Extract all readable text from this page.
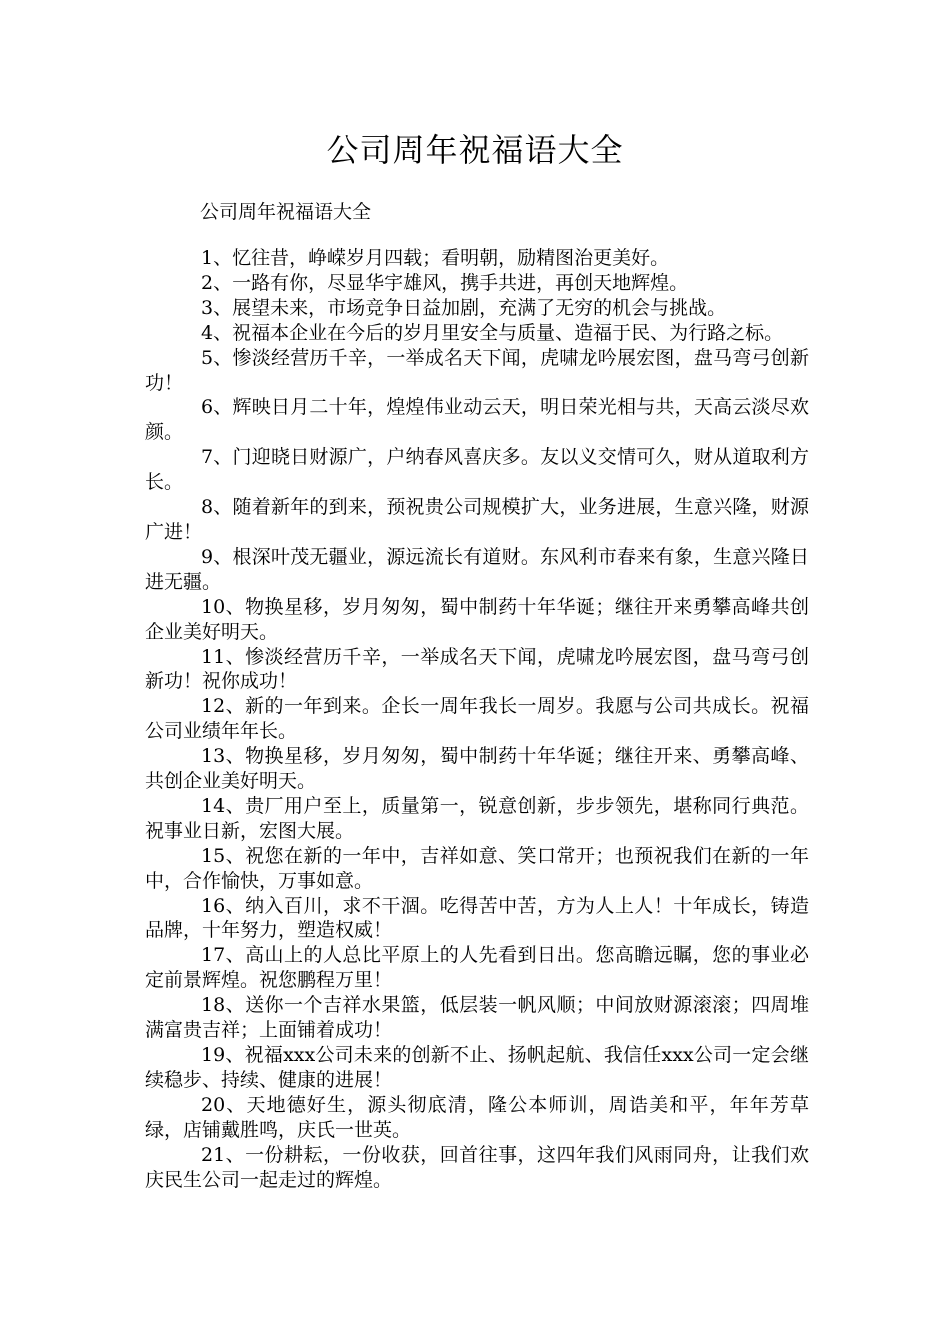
公司周年祝福语大全
公司周年祝福语大全

1、忆往昔，峥嵘岁月四载；看明朝，励精图治更美好。

2、一路有你，尽显华宇雄风，携手共进，再创天地辉煌。

3、展望未来，市场竞争日益加剧，充满了无穷的机会与挑战。

4、祝福本企业在今后的岁月里安全与质量、造福于民、为行路之标。

5、惨淡经营历千辛，一举成名天下闻，虎啸龙吟展宏图，盘马弯弓创新功！

6、辉映日月二十年，煌煌伟业动云天，明日荣光相与共，天高云淡尽欢颜。

7、门迎晓日财源广，户纳春风喜庆多。友以义交情可久，财从道取利方长。

8、随着新年的到来，预祝贵公司规模扩大，业务进展，生意兴隆，财源广进！

9、根深叶茂无疆业，源远流长有道财。东风利市春来有象，生意兴隆日进无疆。

10、物换星移，岁月匆匆，蜀中制药十年华诞；继往开来勇攀高峰共创企业美好明天。

11、惨淡经营历千辛，一举成名天下闻，虎啸龙吟展宏图，盘马弯弓创新功！祝你成功！

12、新的一年到来。企长一周年我长一周岁。我愿与公司共成长。祝福公司业绩年年长。

13、物换星移，岁月匆匆，蜀中制药十年华诞；继往开来、勇攀高峰、共创企业美好明天。

14、贵厂用户至上，质量第一，锐意创新，步步领先，堪称同行典范。祝事业日新，宏图大展。

15、祝您在新的一年中，吉祥如意、笑口常开；也预祝我们在新的一年中，合作愉快，万事如意。

16、纳入百川，求不干涸。吃得苦中苦，方为人上人！十年成长，铸造品牌，十年努力，塑造权威！

17、高山上的人总比平原上的人先看到日出。您高瞻远瞩，您的事业必定前景辉煌。祝您鹏程万里！

18、送你一个吉祥水果篮，低层装一帆风顺；中间放财源滚滚；四周堆满富贵吉祥；上面铺着成功！

19、祝福xxx公司未来的创新不止、扬帆起航、我信任xxx公司一定会继续稳步、持续、健康的进展！

20、天地德好生，源头彻底清，隆公本师训，周诰美和平，年年芳草绿，店铺戴胜鸣，庆氏一世英。

21、一份耕耘，一份收获，回首往事，这四年我们风雨同舟，让我们欢庆民生公司一起走过的辉煌。
